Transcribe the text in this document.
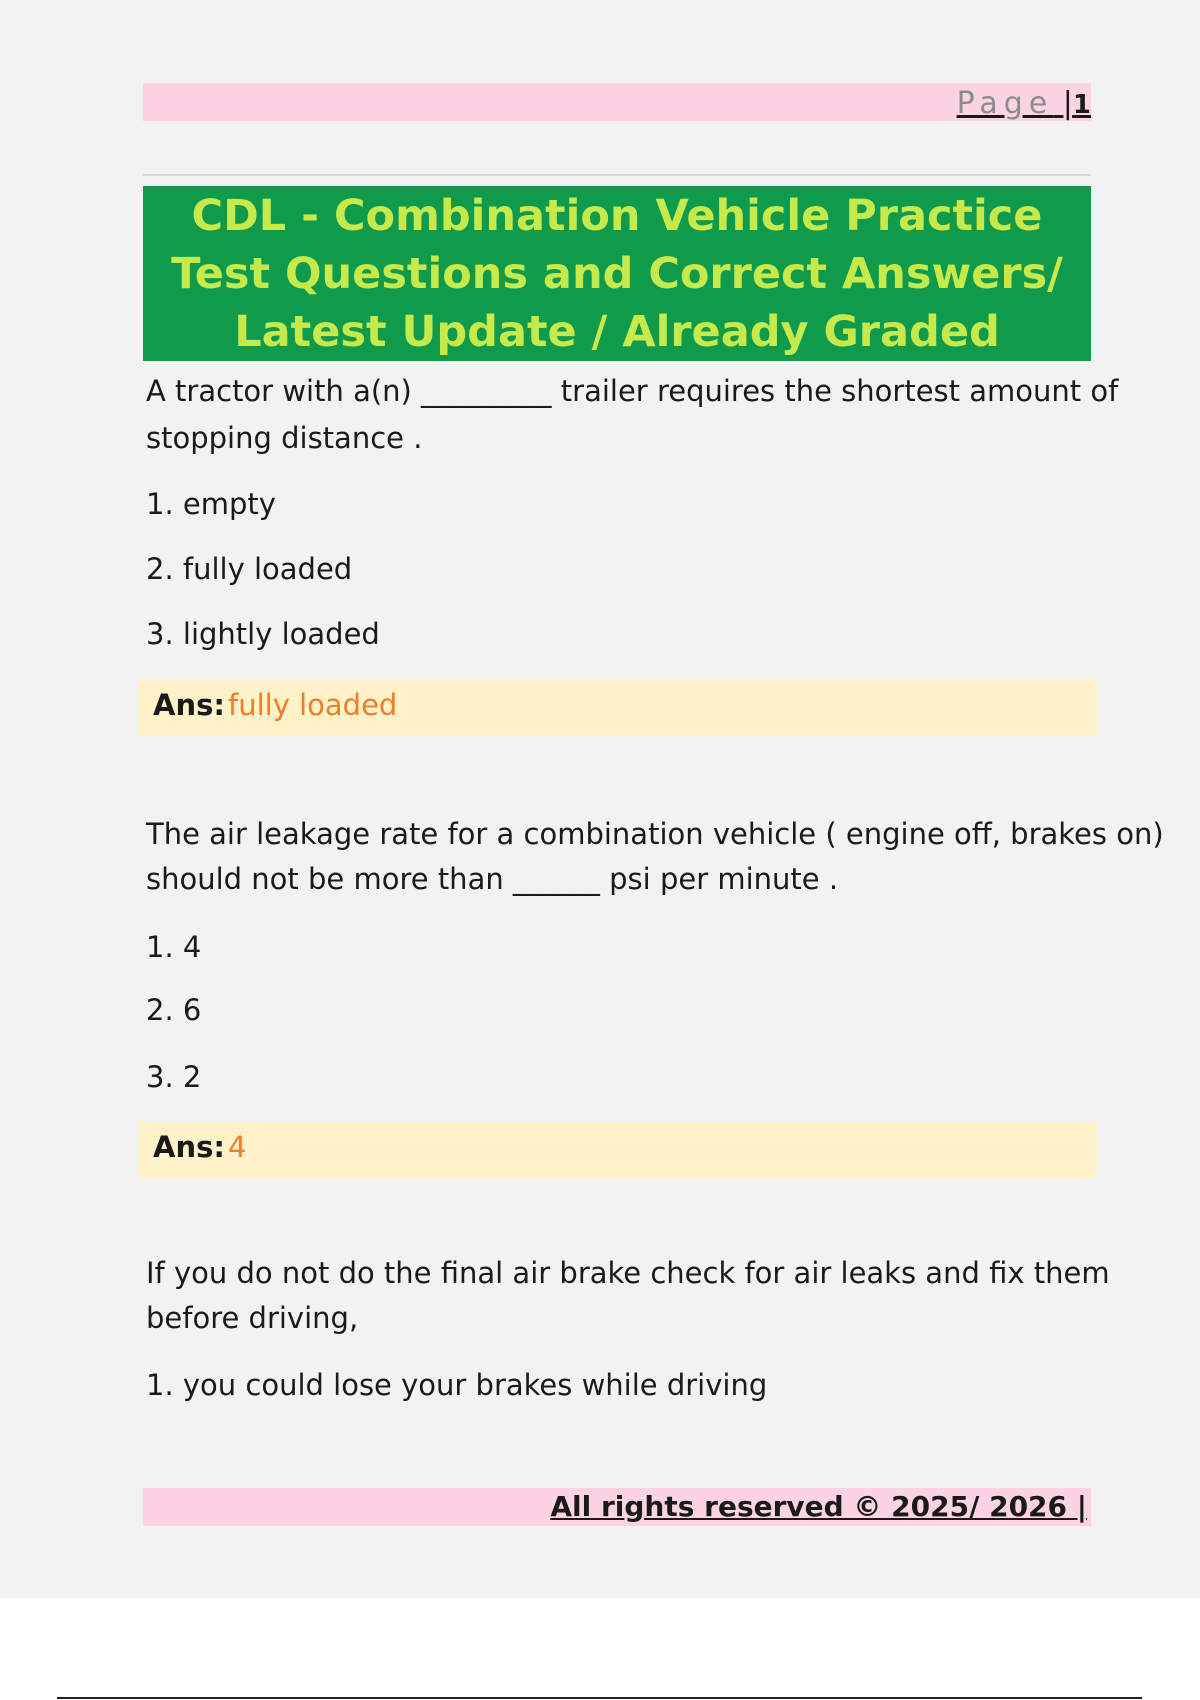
Page |1
CDL - Combination Vehicle Practice Test Questions and Correct Answers/ Latest Update / Already Graded
A tractor with a(n) _________ trailer requires the shortest amount of
stopping distance .
1. empty
2. fully loaded
3. lightly loaded
Ans: fully loaded
The air leakage rate for a combination vehicle ( engine off, brakes on)
should not be more than ______ psi per minute .
1. 4
2. 6
3. 2
Ans: 4
If you do not do the final air brake check for air leaks and fix them
before driving,
1. you could lose your brakes while driving
All rights reserved © 2025/ 2026 |
